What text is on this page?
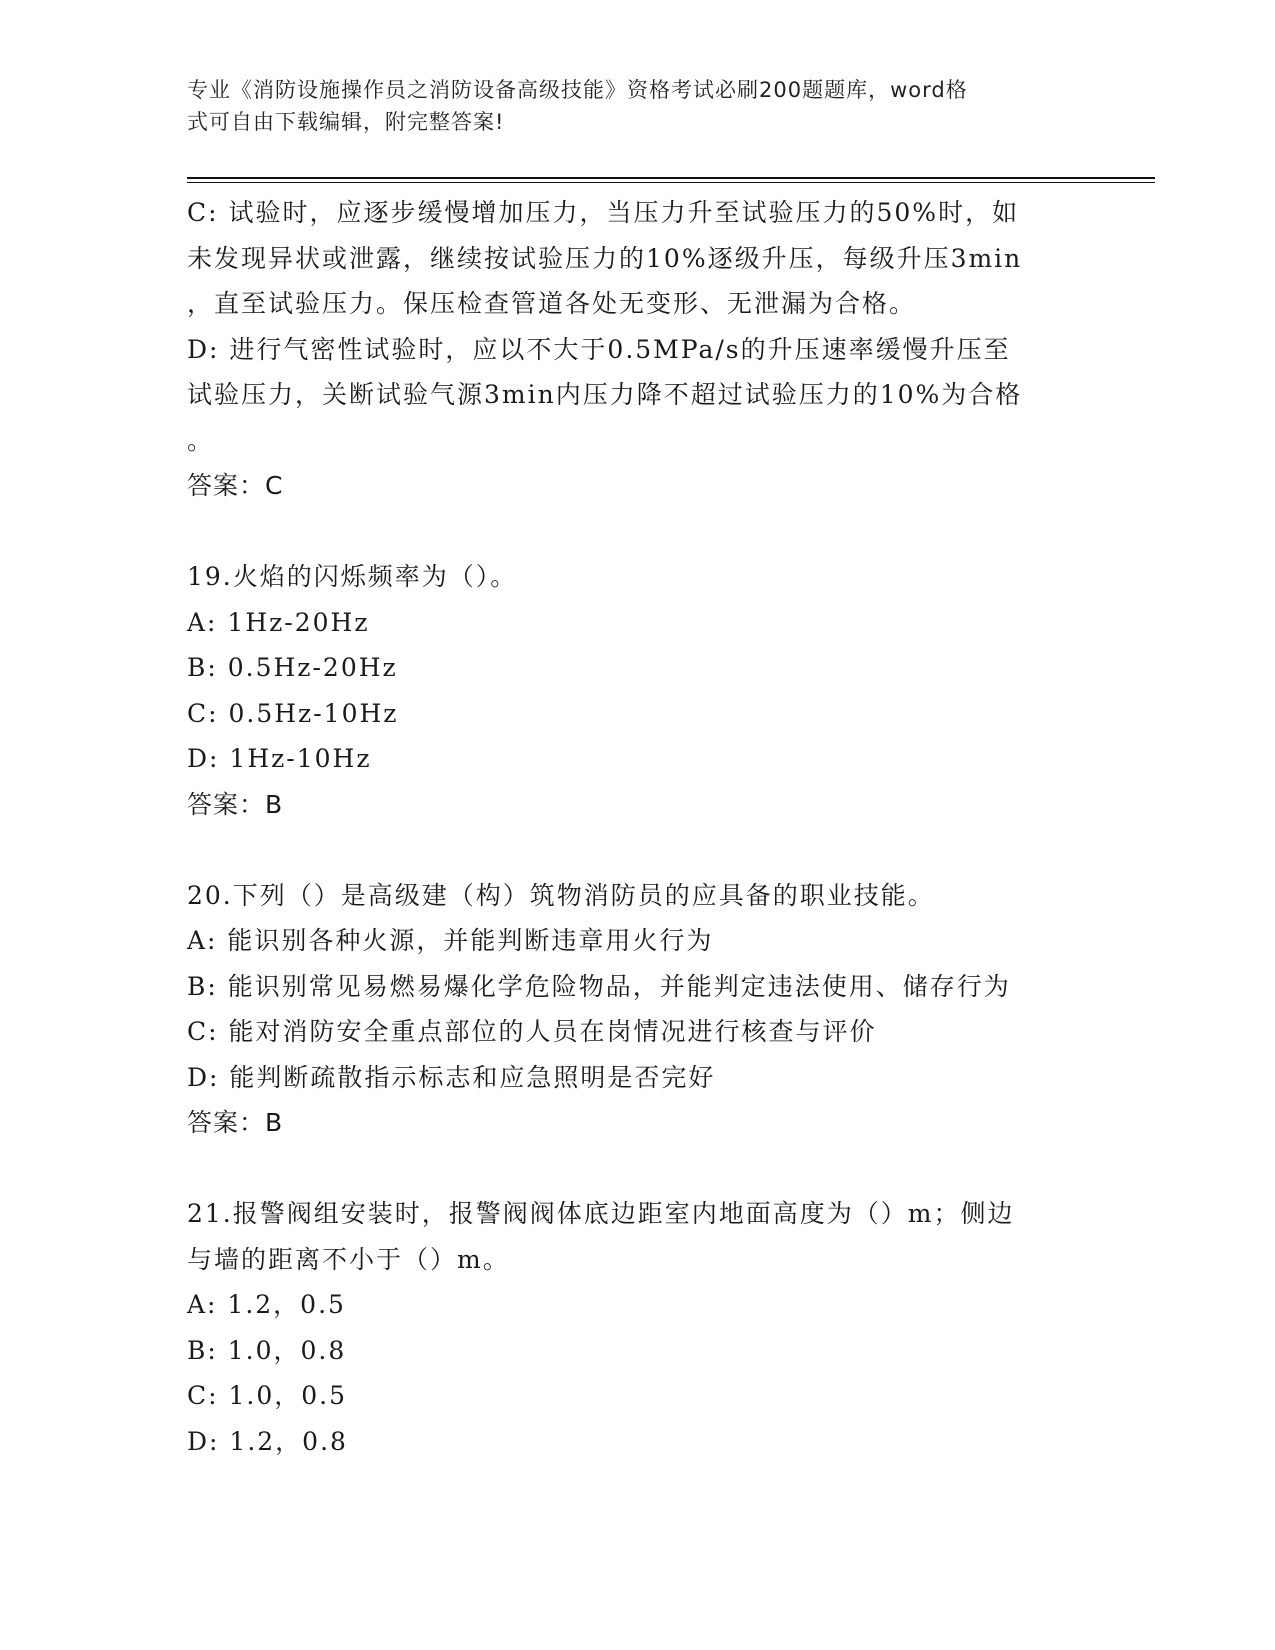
专业《消防设施操作员之消防设备高级技能》资格考试必刷200题题库，word格
式可自由下载编辑，附完整答案!
C: 试验时，应逐步缓慢增加压力，当压力升至试验压力的50%时，如
未发现异状或泄露，继续按试验压力的10%逐级升压，每级升压3min
，直至试验压力。保压检查管道各处无变形、无泄漏为合格。
D: 进行气密性试验时，应以不大于0.5MPa/s的升压速率缓慢升压至
试验压力，关断试验气源3min内压力降不超过试验压力的10%为合格
。
答案：C
19.火焰的闪烁频率为（）。
A: 1Hz-20Hz
B: 0.5Hz-20Hz
C: 0.5Hz-10Hz
D: 1Hz-10Hz
答案：B
20.下列（）是高级建（构）筑物消防员的应具备的职业技能。
A: 能识别各种火源，并能判断违章用火行为
B: 能识别常见易燃易爆化学危险物品，并能判定违法使用、储存行为
C: 能对消防安全重点部位的人员在岗情况进行核查与评价
D: 能判断疏散指示标志和应急照明是否完好
答案：B
21.报警阀组安装时，报警阀阀体底边距室内地面高度为（）m；侧边
与墙的距离不小于（）m。
A: 1.2，0.5
B: 1.0，0.8
C: 1.0，0.5
D: 1.2，0.8
